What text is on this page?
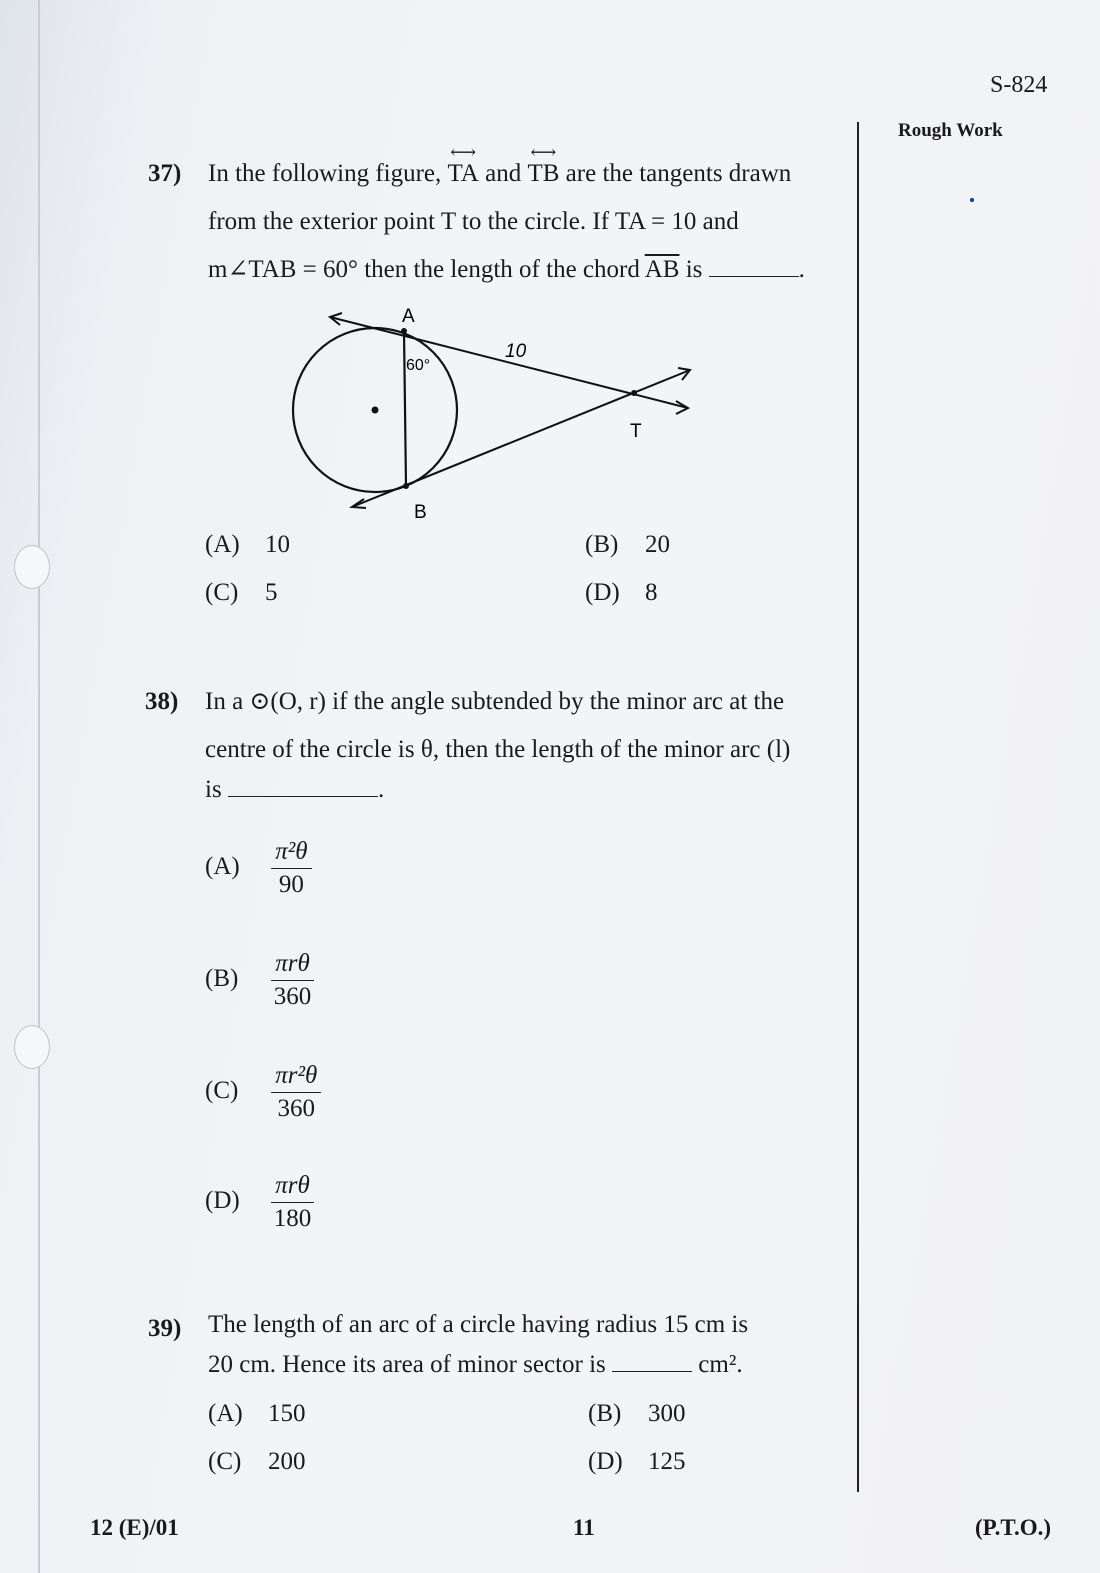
S-824
Rough Work
37) In the following figure, ⟷ TA and ⟷ TB are the tangents drawn
from the exterior point T to the circle. If TA = 10 and
m∠TAB = 60° then the length of the chord $\overline{AB}$ is	.
A
B
T
60°
10
(A) 10	(B) 20
(C) 5	(D) 8
38) In a ⊙(O, r) if the angle subtended by the minor arc at the
centre of the circle is θ, then the length of the minor arc (l)
is	.
$(A) \frac{\text{π²θ}}{90}$
$(B) \frac{\text{πrθ}}{360}$
$(C) \frac{\text{πr²θ}}{360}$
$(D) \frac{\text{πrθ}}{180}$
39) The length of an arc of a circle having radius 15 cm is
20 cm. Hence its area of minor sector is	cm².
(A) 150	(B) 300
(C) 200	(D) 125
12 (E)/01	11	(P.T.O.)
